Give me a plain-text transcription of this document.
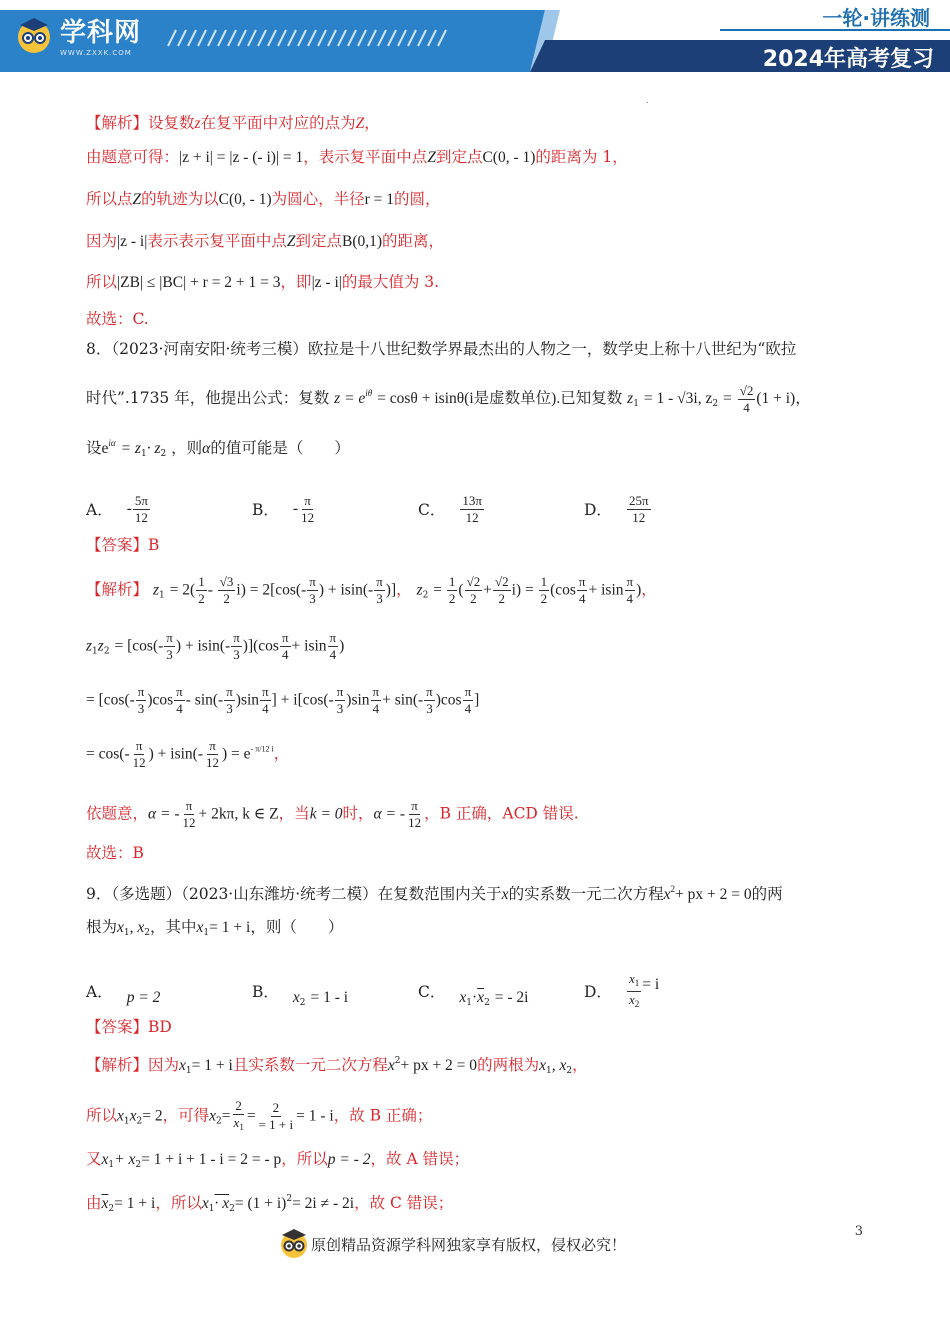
学科网
WWW.ZXXK.COM
一轮·讲练测
2024年高考复习
.
【解析】设复数z在复平面中对应的点为Z，
由题意可得：|z + i| = |z - (- i)| = 1，表示复平面中点Z到定点C(0, - 1)的距离为 1，
所以点Z的轨迹为以C(0, - 1)为圆心，半径r = 1的圆，
因为|z - i|表示表示复平面中点Z到定点B(0,1)的距离，
所以|ZB| ≤ |BC| + r = 2 + 1 = 3，即|z - i|的最大值为 3.
故选：C.
8．（2023·河南安阳·统考三模）欧拉是十八世纪数学界最杰出的人物之一，数学史上称十八世纪为“欧拉
时代”.1735 年，他提出公式：复数 $z = e^{i\theta} = \cos\theta + isin\theta(i$是虚数单位).已知复数 $z_1 = 1 - √3i$, $z_2 = \frac{√2}{4} (1 + i)$，
设$e^{i\alpha} = z_1\cdot z_2$ ，则α的值可能是（　　）
A． - $\frac{5\pi}{12}$	B． - $\frac{\pi}{12}$	C． $\frac{13\pi}{12}$	D． $\frac{25\pi}{12}$
【答案】B
【解析】 $z_1 = 2( \frac{1}{2} - \frac{√3}{2} i) = 2[\cos(- \frac{\pi}{3}$ ) + $isin(- \frac{\pi}{3}$ )]， $z_2 = \frac{1}{2}$ ( $\frac{√2}{2} + \frac{√2}{2} i) = \frac{1}{2} (\cos \frac{\pi}{4} + isin \frac{\pi}{4}$ )，
$z_1z_2 = [\cos(- \frac{\pi}{3}$ ) + $isin(- \frac{\pi}{3} )](\cos \frac{\pi}{4} + isin \frac{\pi}{4}$ )
= [$\cos(- \frac{\pi}{3} )\cos \frac{\pi}{4} - \sin(- \frac{\pi}{3} )\sin \frac{\pi}{4}$ ] + $i[\cos(- \frac{\pi}{3} )\sin \frac{\pi}{4} + \sin(- \frac{\pi}{3} )\cos \frac{\pi}{4}$ ]
= $\cos(- \frac{\pi}{12}$ ) + $isin(- \frac{\pi}{12}$ ) = $e^{- \pi/12 i}$，
依题意，α = - $\frac{\pi}{12} + 2k\pi$, k ∈ Z，当k = 0时，α = - $\frac{\pi}{12}$ ，B 正确，ACD 错误.
故选：B
9．（多选题）（2023·山东潍坊·统考二模）在复数范围内关于x的实系数一元二次方程$x^2+$ px + 2 = 0的两
根为$x_1$, $x_2$，其中$x_1= 1 + i$，则（　　）
A． p = 2	B． $x_2 = 1 - i$	C． $x_1\cdot\overline{x}_2$ = - 2i	D． $\frac{x_1}{x_2} = i$
【答案】BD
【解析】因为$x_1= 1 + i$且实系数一元二次方程$x^2+$ px + 2 = 0的两根为$x_1$, $x_2$，
所以$x_1x_2= 2$，可得$x_2= \frac{2}{x_1} = \frac{2}{= 1 + i} = 1 - i$，故 B 正确；
又$x_1+ x_2= 1 + i + 1 - i = 2$ = - p，所以p = - 2，故 A 错误；
由$\overline{x}_2= 1 + i$，所以$x_1\cdot x_2= (1 + i)^2= 2i$ ≠ - 2i，故 C 错误；
原创精品资源学科网独家享有版权，侵权必究！
3
